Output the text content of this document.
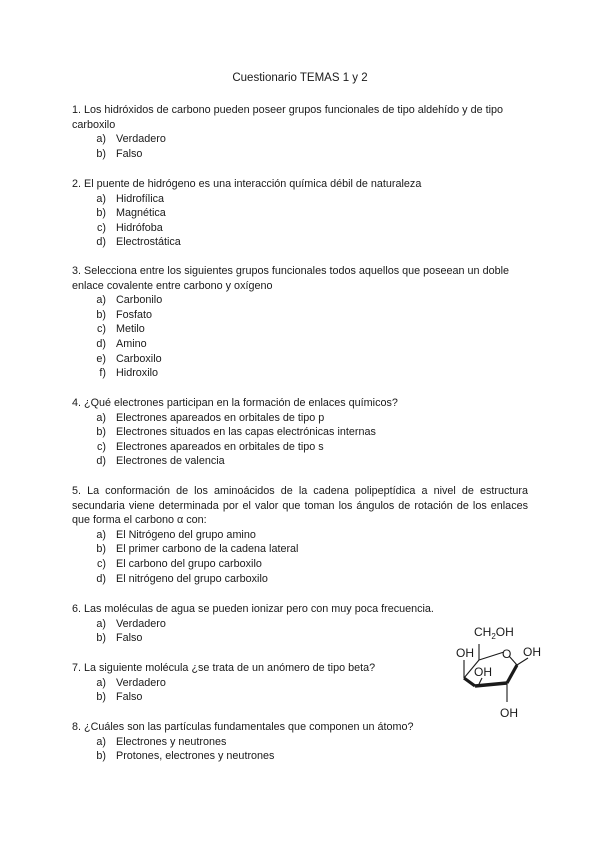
Cuestionario TEMAS 1 y 2

1. Los hidróxidos de carbono pueden poseer grupos funcionales de tipo aldehído y de tipo carboxilo

a) Verdadero
b) Falso

2. El puente de hidrógeno es una interacción química débil de naturaleza

a) Hidrofílica
b) Magnética
c) Hidrófoba
d) Electrostática

3. Selecciona entre los siguientes grupos funcionales todos aquellos que poseean un doble enlace covalente entre carbono y oxígeno

a) Carbonilo
b) Fosfato
c) Metilo
d) Amino
e) Carboxilo
f) Hidroxilo

4. ¿Qué electrones participan en la formación de enlaces químicos?

a) Electrones apareados en orbitales de tipo p
b) Electrones situados en las capas electrónicas internas
c) Electrones apareados en orbitales de tipo s
d) Electrones de valencia

5. La conformación de los aminoácidos de la cadena polipeptídica a nivel de estructura secundaria viene determinada por el valor que toman los ángulos de rotación de los enlaces que forma el carbono α con:

a) El Nitrógeno del grupo amino
b) El primer carbono de la cadena lateral
c) El carbono del grupo carboxilo
d) El nitrógeno del grupo carboxilo

6. Las moléculas de agua se pueden ionizar pero con muy poca frecuencia.

a) Verdadero
b) Falso

7. La siguiente molécula ¿se trata de un anómero de tipo beta?

a) Verdadero
b) Falso

8. ¿Cuáles son las partículas fundamentales que componen un átomo?

a) Electrones y neutrones
b) Protones, electrones y neutrones
$CH_2OH$
O
OH
OH
OH
OH
